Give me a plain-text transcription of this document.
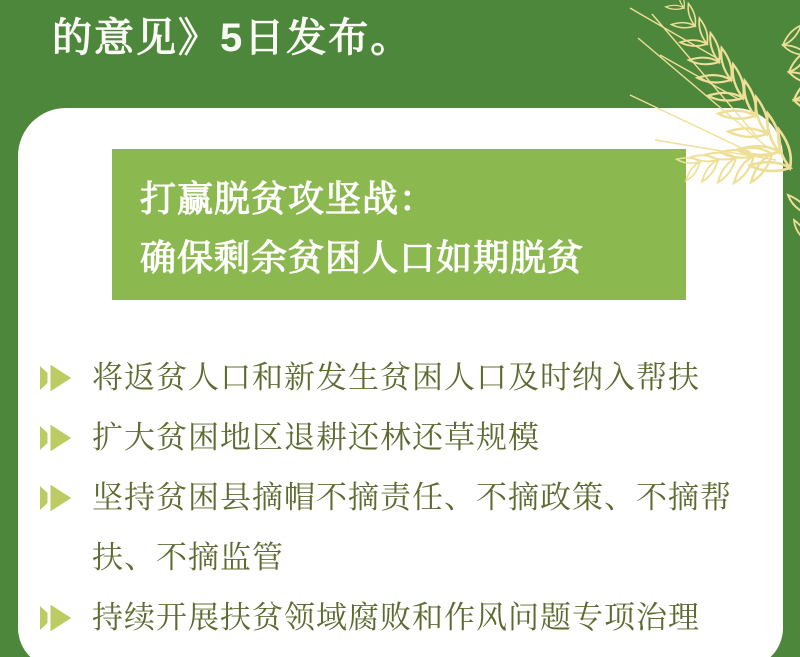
的意见》5日发布。
打赢脱贫攻坚战：
确保剩余贫困人口如期脱贫
将返贫人口和新发生贫困人口及时纳入帮扶
扩大贫困地区退耕还林还草规模
坚持贫困县摘帽不摘责任、不摘政策、不摘帮扶、不摘监管
持续开展扶贫领域腐败和作风问题专项治理
